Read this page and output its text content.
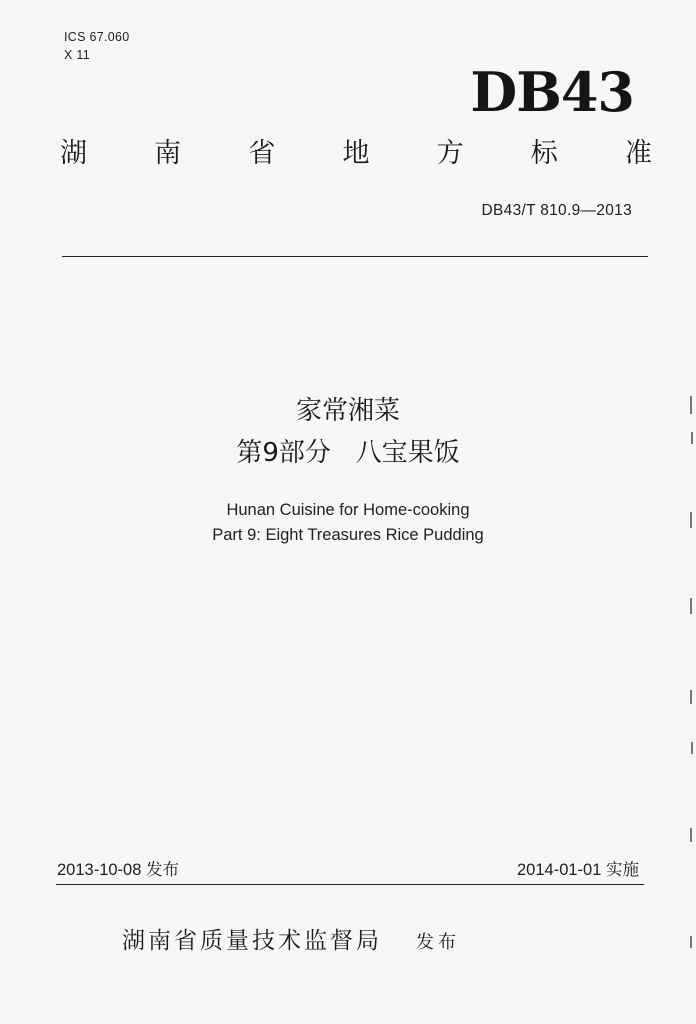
ICS 67.060
X 11
DB43
湖 南 省 地 方 标 准
DB43/T 810.9—2013
家常湘菜
第9部分   八宝果饭
Hunan Cuisine for Home-cooking
Part 9: Eight Treasures Rice Pudding
2013-10-08 发布	2014-01-01 实施
湖南省质量技术监督局 发布
